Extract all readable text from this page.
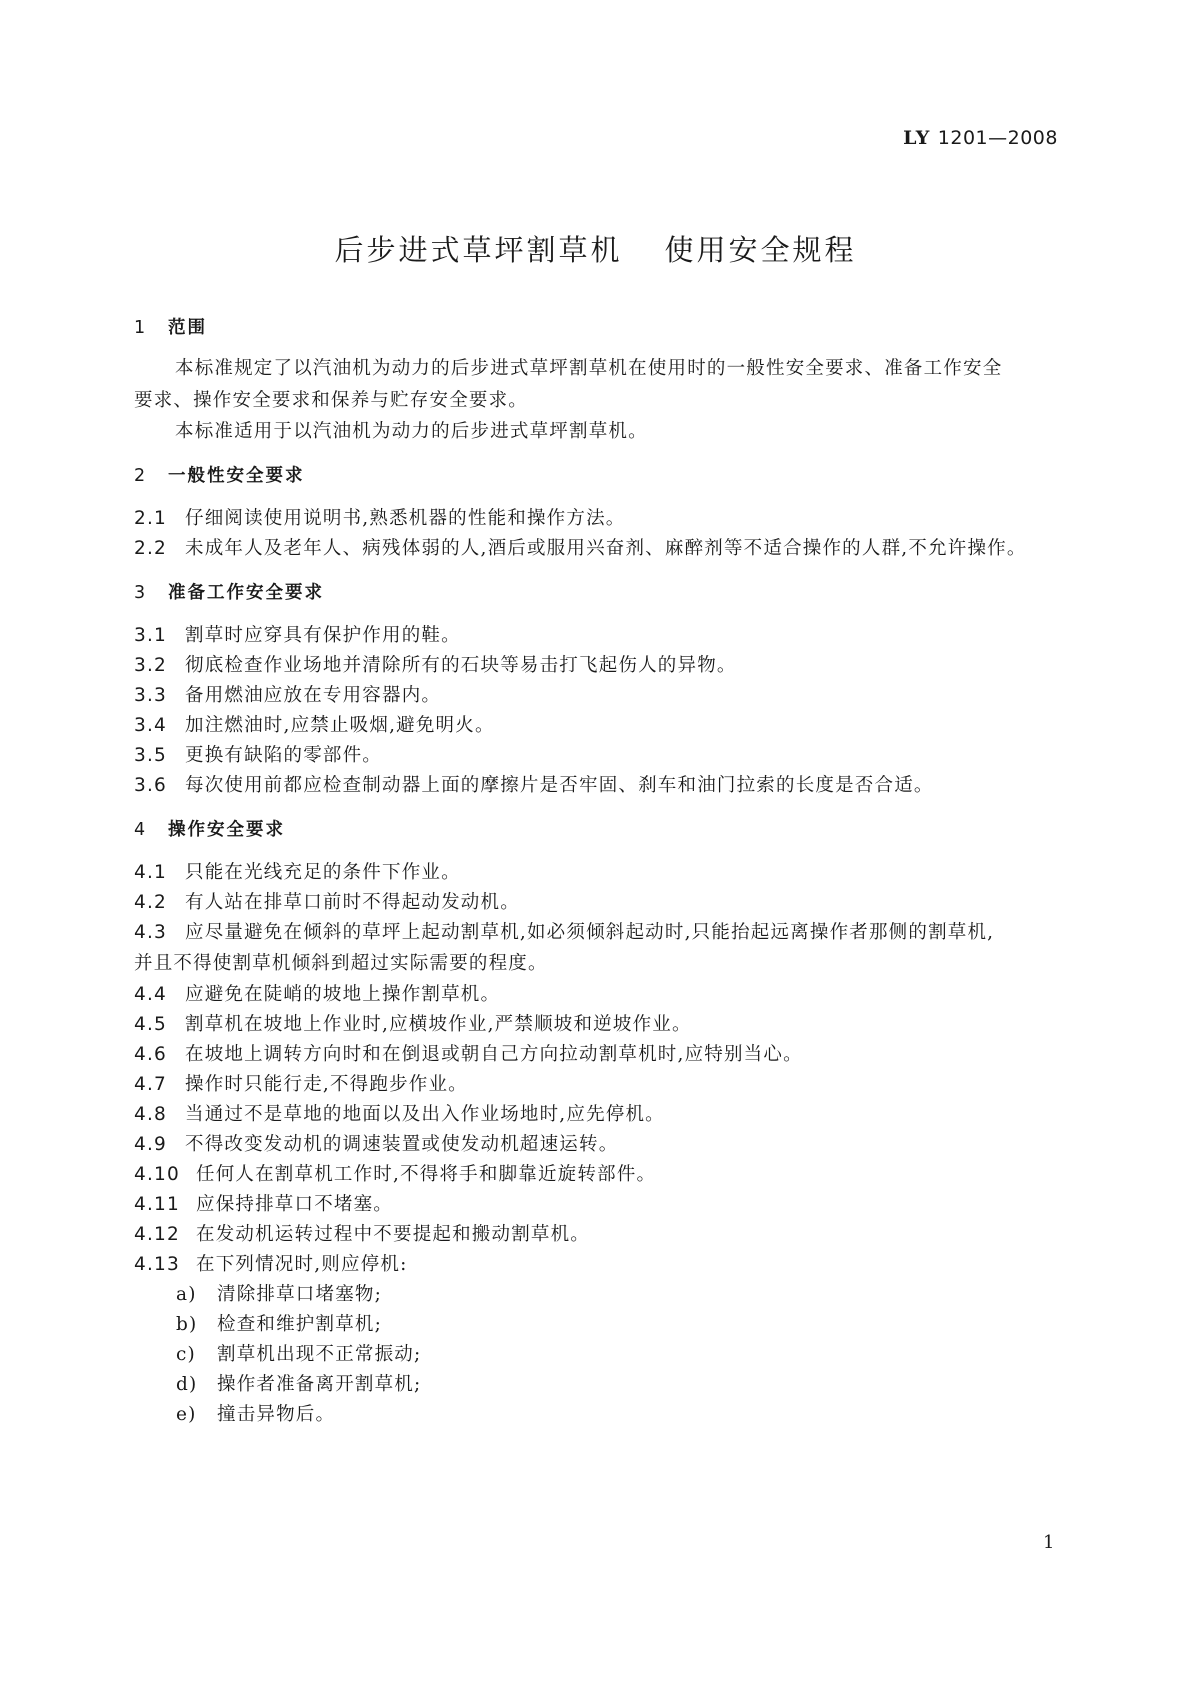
LY 1201—2008
后步进式草坪割草机 使用安全规程
1 范围
本标准规定了以汽油机为动力的后步进式草坪割草机在使用时的一般性安全要求、准备工作安全
要求、操作安全要求和保养与贮存安全要求。
本标准适用于以汽油机为动力的后步进式草坪割草机。
2 一般性安全要求
2.1 仔细阅读使用说明书,熟悉机器的性能和操作方法。
2.2 未成年人及老年人、病残体弱的人,酒后或服用兴奋剂、麻醉剂等不适合操作的人群,不允许操作。
3 准备工作安全要求
3.1 割草时应穿具有保护作用的鞋。
3.2 彻底检查作业场地并清除所有的石块等易击打飞起伤人的异物。
3.3 备用燃油应放在专用容器内。
3.4 加注燃油时,应禁止吸烟,避免明火。
3.5 更换有缺陷的零部件。
3.6 每次使用前都应检查制动器上面的摩擦片是否牢固、刹车和油门拉索的长度是否合适。
4 操作安全要求
4.1 只能在光线充足的条件下作业。
4.2 有人站在排草口前时不得起动发动机。
4.3 应尽量避免在倾斜的草坪上起动割草机,如必须倾斜起动时,只能抬起远离操作者那侧的割草机,
并且不得使割草机倾斜到超过实际需要的程度。
4.4 应避免在陡峭的坡地上操作割草机。
4.5 割草机在坡地上作业时,应横坡作业,严禁顺坡和逆坡作业。
4.6 在坡地上调转方向时和在倒退或朝自己方向拉动割草机时,应特别当心。
4.7 操作时只能行走,不得跑步作业。
4.8 当通过不是草地的地面以及出入作业场地时,应先停机。
4.9 不得改变发动机的调速装置或使发动机超速运转。
4.10 任何人在割草机工作时,不得将手和脚靠近旋转部件。
4.11 应保持排草口不堵塞。
4.12 在发动机运转过程中不要提起和搬动割草机。
4.13 在下列情况时,则应停机:
a) 清除排草口堵塞物;
b) 检查和维护割草机;
c) 割草机出现不正常振动;
d) 操作者准备离开割草机;
e) 撞击异物后。
1
